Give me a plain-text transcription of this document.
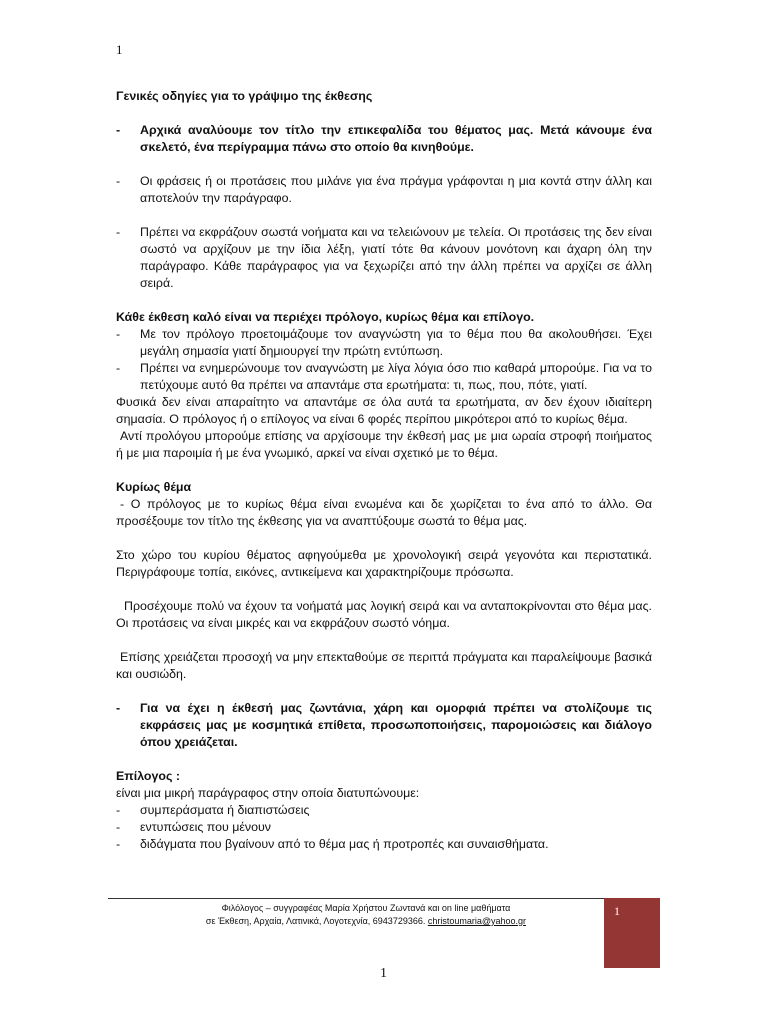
1

Γενικές οδηγίες για το γράψιμο της έκθεσης

- Αρχικά αναλύουμε τον τίτλο την επικεφαλίδα του θέματος μας. Μετά κάνουμε ένα σκελετό, ένα περίγραμμα πάνω στο οποίο θα κινηθούμε.

- Οι φράσεις ή οι προτάσεις που μιλάνε για ένα πράγμα γράφονται η μια κοντά στην άλλη και αποτελούν την παράγραφο.

- Πρέπει να εκφράζουν σωστά νοήματα και να τελειώνουν με τελεία. Οι προτάσεις της δεν είναι σωστό να αρχίζουν με την ίδια λέξη, γιατί τότε θα κάνουν μονότονη και άχαρη όλη την παράγραφο. Κάθε παράγραφος για να ξεχωρίζει από την άλλη πρέπει να αρχίζει σε άλλη σειρά.

Κάθε έκθεση καλό είναι να περιέχει πρόλογο, κυρίως θέμα και επίλογο.

- Με τον πρόλογο προετοιμάζουμε τον αναγνώστη για το θέμα που θα ακολουθήσει. Έχει μεγάλη σημασία γιατί δημιουργεί την πρώτη εντύπωση.

- Πρέπει να ενημερώνουμε τον αναγνώστη με λίγα λόγια όσο πιο καθαρά μπορούμε. Για να το πετύχουμε αυτό θα πρέπει να απαντάμε στα ερωτήματα: τι, πως, που, πότε, γιατί.

Φυσικά δεν είναι απαραίτητο να απαντάμε σε όλα αυτά τα ερωτήματα, αν δεν έχουν ιδιαίτερη σημασία. Ο πρόλογος ή ο επίλογος να είναι 6 φορές περίπου μικρότεροι από το κυρίως θέμα.

Αντί προλόγου μπορούμε επίσης να αρχίσουμε την έκθεσή μας με μια ωραία στροφή ποιήματος ή με μια παροιμία ή με ένα γνωμικό, αρκεί να είναι σχετικό με το θέμα.

Κυρίως θέμα

- Ο πρόλογος με το κυρίως θέμα είναι ενωμένα και δε χωρίζεται το ένα από το άλλο. Θα προσέξουμε τον τίτλο της έκθεσης για να αναπτύξουμε σωστά το θέμα μας.

Στο χώρο του κυρίου θέματος αφηγούμεθα με χρονολογική σειρά γεγονότα και περιστατικά. Περιγράφουμε τοπία, εικόνες, αντικείμενα και χαρακτηρίζουμε πρόσωπα.

Προσέχουμε πολύ να έχουν τα νοήματά μας λογική σειρά και να ανταποκρίνονται στο θέμα μας. Οι προτάσεις να είναι μικρές και να εκφράζουν σωστό νόημα.

Επίσης χρειάζεται προσοχή να μην επεκταθούμε σε περιττά πράγματα και παραλείψουμε βασικά και ουσιώδη.

- Για να έχει η έκθεσή μας ζωντάνια, χάρη και ομορφιά πρέπει να στολίζουμε τις εκφράσεις μας με κοσμητικά επίθετα, προσωποποιήσεις, παρομοιώσεις και διάλογο όπου χρειάζεται.

Επίλογος :

είναι μια μικρή παράγραφος στην οποία διατυπώνουμε:

- συμπεράσματα ή διαπιστώσεις

- εντυπώσεις που μένουν

- διδάγματα που βγαίνουν από το θέμα μας ή προτροπές και συναισθήματα.

Φιλόλογος – συγγραφέας Μαρία Χρήστου Ζωντανά και on line μαθήματα
σε Έκθεση, Αρχαία, Λατινικά, Λογοτεχνία, 6943729366. christoumaria@yahoo.gr
1
1
